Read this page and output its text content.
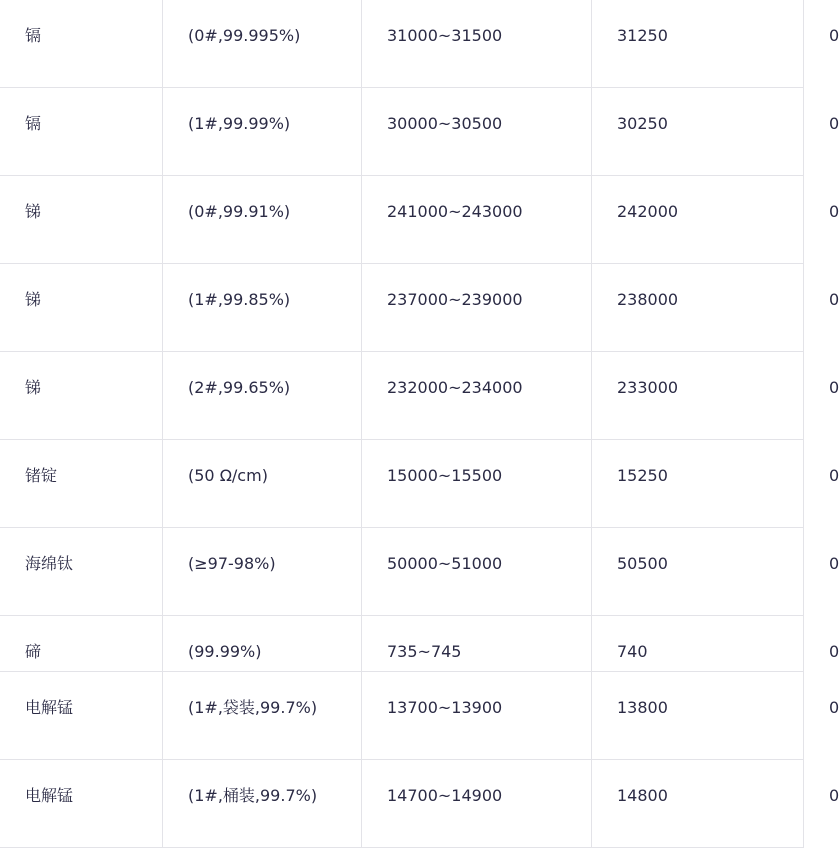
镉	(0#,99.995%)	31000~31500	31250	0
镉	(1#,99.99%)	30000~30500	30250	0
锑	(0#,99.91%)	241000~243000	242000	0
锑	(1#,99.85%)	237000~239000	238000	0
锑	(2#,99.65%)	232000~234000	233000	0
锗锭	(50 Ω/cm)	15000~15500	15250	0
海绵钛	(≥97-98%)	50000~51000	50500	0
碲	(99.99%)	735~745	740	0
电解锰	(1#,袋装,99.7%)	13700~13900	13800	0
电解锰	(1#,桶装,99.7%)	14700~14900	14800	0
